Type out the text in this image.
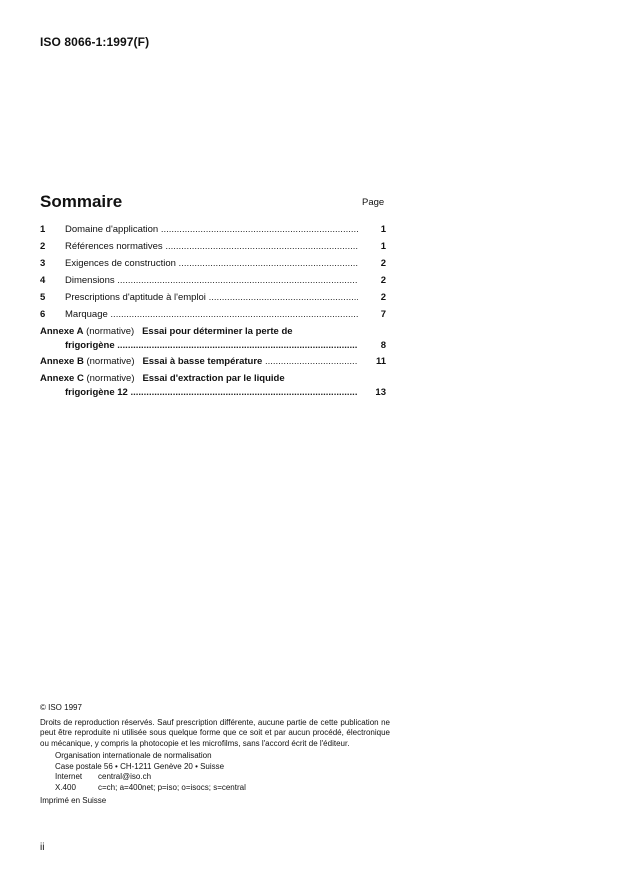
ISO 8066-1:1997(F)
Sommaire	Page
1 Domaine d'application .....	1
2 Références normatives .....	1
3 Exigences de construction .....	2
4 Dimensions .....	2
5 Prescriptions d'aptitude à l'emploi .....	2
6 Marquage .....	7
Annexe A (normative) Essai pour déterminer la perte de
frigorigène .....	8
Annexe B (normative) Essai à basse température .....	11
Annexe C (normative) Essai d'extraction par le liquide
frigorigène 12 .....	13

© ISO 1997

Droits de reproduction réservés. Sauf prescription différente, aucune partie de cette publication ne peut être reproduite ni utilisée sous quelque forme que ce soit et par aucun procédé, électronique ou mécanique, y compris la photocopie et les microfilms, sans l'accord écrit de l'éditeur.

Organisation internationale de normalisation

Case postale 56 • CH-1211 Genève 20 • Suisse

Internet central@iso.ch

X.400	c=ch; a=400net; p=iso; o=isocs; s=central

Imprimé en Suisse

ii
